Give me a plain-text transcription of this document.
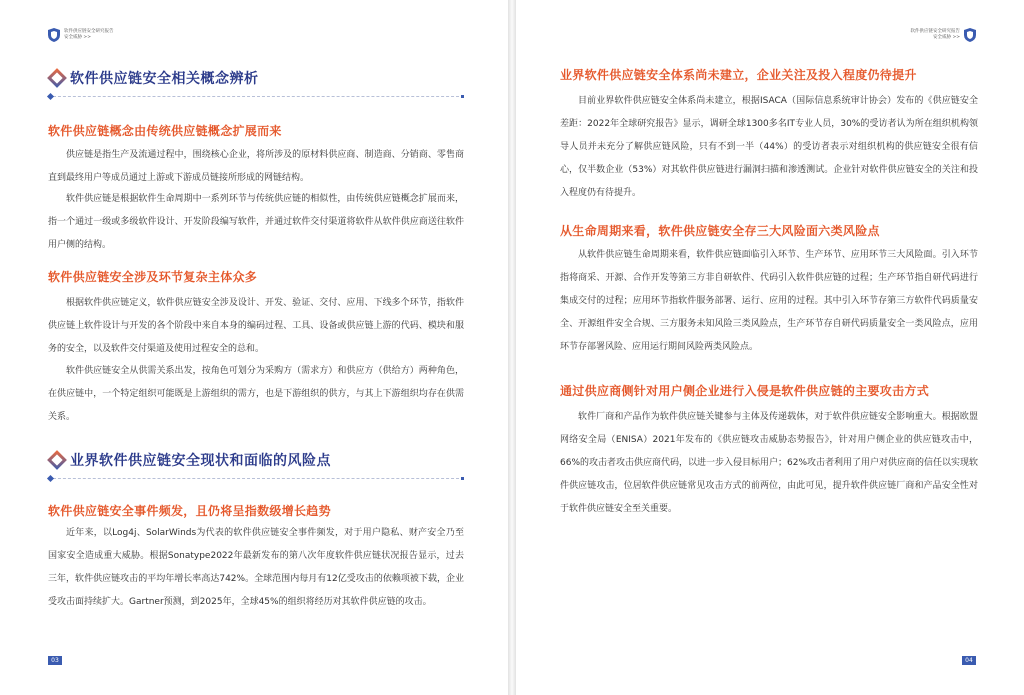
软件供应链安全研究报告
安全威胁 >>
软件供应链安全相关概念辨析
软件供应链概念由传统供应链概念扩展而来
供应链是指生产及流通过程中，围绕核心企业，将所涉及的原材料供应商、制造商、分销商、零售商直到最终用户等成员通过上游或下游成员链接所形成的网链结构。
软件供应链是根据软件生命周期中一系列环节与传统供应链的相似性，由传统供应链概念扩展而来，指一个通过一级或多级软件设计、开发阶段编写软件，并通过软件交付渠道将软件从软件供应商送往软件用户侧的结构。
软件供应链安全涉及环节复杂主体众多
根据软件供应链定义，软件供应链安全涉及设计、开发、验证、交付、应用、下线多个环节，指软件供应链上软件设计与开发的各个阶段中来自本身的编码过程、工具、设备或供应链上游的代码、模块和服务的安全，以及软件交付渠道及使用过程安全的总和。
软件供应链安全从供需关系出发，按角色可划分为采购方（需求方）和供应方（供给方）两种角色，在供应链中，一个特定组织可能既是上游组织的需方，也是下游组织的供方，与其上下游组织均存在供需关系。
业界软件供应链安全现状和面临的风险点
软件供应链安全事件频发，且仍将呈指数级增长趋势
近年来，以Log4j、SolarWinds为代表的软件供应链安全事件频发，对于用户隐私、财产安全乃至国家安全造成重大威胁。根据Sonatype2022年最新发布的第八次年度软件供应链状况报告显示，过去三年，软件供应链攻击的平均年增长率高达742%。全球范围内每月有12亿受攻击的依赖项被下载，企业受攻击面持续扩大。Gartner预测，到2025年，全球45%的组织将经历对其软件供应链的攻击。
03
软件供应链安全研究报告
安全威胁 >>
业界软件供应链安全体系尚未建立，企业关注及投入程度仍待提升
目前业界软件供应链安全体系尚未建立，根据ISACA（国际信息系统审计协会）发布的《供应链安全差距：2022年全球研究报告》显示，调研全球1300多名IT专业人员，30%的受访者认为所在组织机构领导人员并未充分了解供应链风险，只有不到一半（44%）的受访者表示对组织机构的供应链安全很有信心，仅半数企业（53%）对其软件供应链进行漏洞扫描和渗透测试。企业针对软件供应链安全的关注和投入程度仍有待提升。
从生命周期来看，软件供应链安全存三大风险面六类风险点
从软件供应链生命周期来看，软件供应链面临引入环节、生产环节、应用环节三大风险面。引入环节指将商采、开源、合作开发等第三方非自研软件、代码引入软件供应链的过程；生产环节指自研代码进行集成交付的过程；应用环节指软件服务部署、运行、应用的过程。其中引入环节存第三方软件代码质量安全、开源组件安全合规、三方服务未知风险三类风险点，生产环节存自研代码质量安全一类风险点，应用环节存部署风险、应用运行期间风险两类风险点。
通过供应商侧针对用户侧企业进行入侵是软件供应链的主要攻击方式
软件厂商和产品作为软件供应链关键参与主体及传递载体，对于软件供应链安全影响重大。根据欧盟网络安全局（ENISA）2021年发布的《供应链攻击威胁态势报告》，针对用户侧企业的供应链攻击中，66%的攻击者攻击供应商代码，以进一步入侵目标用户；62%攻击者利用了用户对供应商的信任以实现软件供应链攻击，位居软件供应链常见攻击方式的前两位，由此可见，提升软件供应链厂商和产品安全性对于软件供应链安全至关重要。
04
